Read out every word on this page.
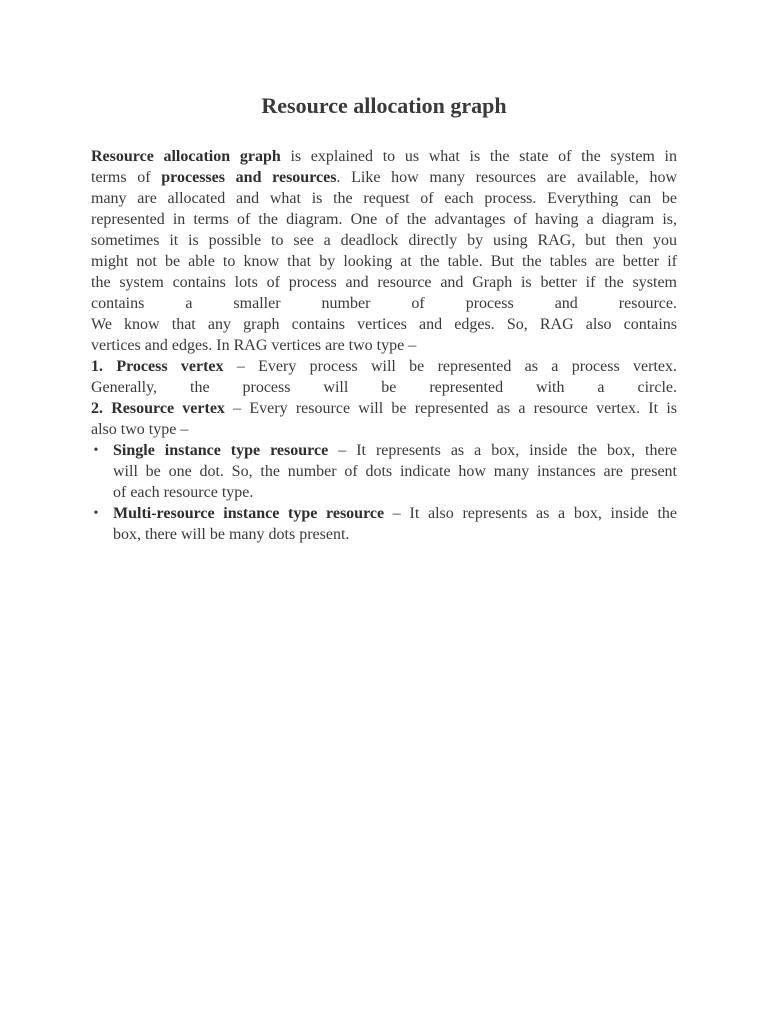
Resource allocation graph

Resource allocation graph is explained to us what is the state of the system in

terms of processes and resources. Like how many resources are available, how

many are allocated and what is the request of each process. Everything can be

represented in terms of the diagram. One of the advantages of having a diagram is,

sometimes it is possible to see a deadlock directly by using RAG, but then you

might not be able to know that by looking at the table. But the tables are better if

the system contains lots of process and resource and Graph is better if the system

contains a smaller number of process and resource.

We know that any graph contains vertices and edges. So, RAG also contains

vertices and edges. In RAG vertices are two type –

1. Process vertex – Every process will be represented as a process vertex.

Generally, the process will be represented with a circle.

2. Resource vertex – Every resource will be represented as a resource vertex. It is

also two type –

• Single instance type resource – It represents as a box, inside the box, there
will be one dot. So, the number of dots indicate how many instances are present
of each resource type.
• Multi-resource instance type resource – It also represents as a box, inside the
box, there will be many dots present.
